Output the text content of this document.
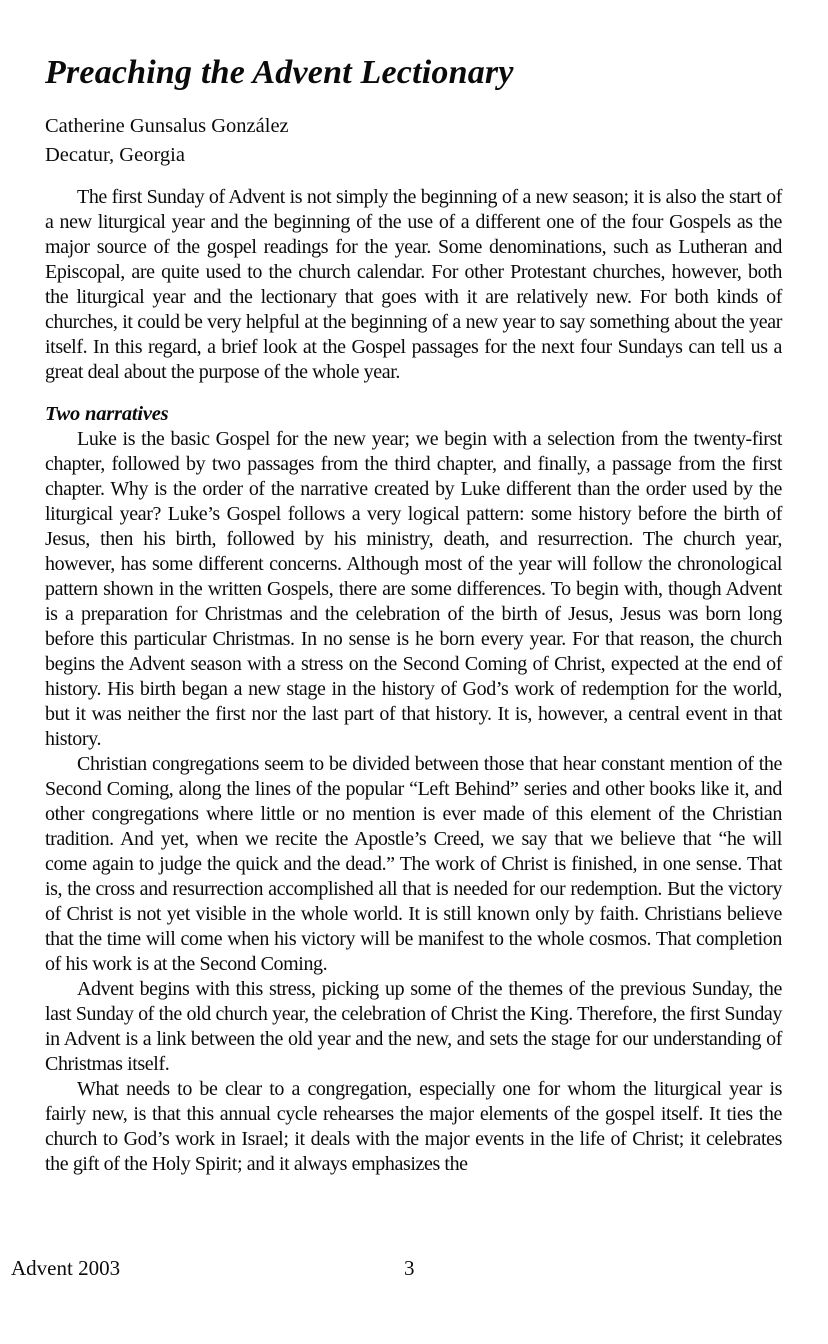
Preaching the Advent Lectionary
Catherine Gunsalus González
Decatur, Georgia

The first Sunday of Advent is not simply the beginning of a new season; it is also the start of a new liturgical year and the beginning of the use of a different one of the four Gospels as the major source of the gospel readings for the year. Some denominations, such as Lutheran and Episcopal, are quite used to the church calendar. For other Protestant churches, however, both the liturgical year and the lectionary that goes with it are relatively new. For both kinds of churches, it could be very helpful at the beginning of a new year to say something about the year itself. In this regard, a brief look at the Gospel passages for the next four Sundays can tell us a great deal about the purpose of the whole year.

Two narratives

Luke is the basic Gospel for the new year; we begin with a selection from the twenty-first chapter, followed by two passages from the third chapter, and finally, a passage from the first chapter. Why is the order of the narrative created by Luke different than the order used by the liturgical year? Luke’s Gospel follows a very logical pattern: some history before the birth of Jesus, then his birth, followed by his ministry, death, and resurrection. The church year, however, has some different concerns. Although most of the year will follow the chronological pattern shown in the written Gospels, there are some differences. To begin with, though Advent is a preparation for Christmas and the celebration of the birth of Jesus, Jesus was born long before this particular Christmas. In no sense is he born every year. For that reason, the church begins the Advent season with a stress on the Second Coming of Christ, expected at the end of history. His birth began a new stage in the history of God’s work of redemption for the world, but it was neither the first nor the last part of that history. It is, however, a central event in that history.

Christian congregations seem to be divided between those that hear constant mention of the Second Coming, along the lines of the popular “Left Behind” series and other books like it, and other congregations where little or no mention is ever made of this element of the Christian tradition. And yet, when we recite the Apostle’s Creed, we say that we believe that “he will come again to judge the quick and the dead.” The work of Christ is finished, in one sense. That is, the cross and resurrection accomplished all that is needed for our redemption. But the victory of Christ is not yet visible in the whole world. It is still known only by faith. Christians believe that the time will come when his victory will be manifest to the whole cosmos. That completion of his work is at the Second Coming.

Advent begins with this stress, picking up some of the themes of the previous Sunday, the last Sunday of the old church year, the celebration of Christ the King. Therefore, the first Sunday in Advent is a link between the old year and the new, and sets the stage for our understanding of Christmas itself.

What needs to be clear to a congregation, especially one for whom the liturgical year is fairly new, is that this annual cycle rehearses the major elements of the gospel itself. It ties the church to God’s work in Israel; it deals with the major events in the life of Christ; it celebrates the gift of the Holy Spirit; and it always emphasizes the

Advent 2003	3
